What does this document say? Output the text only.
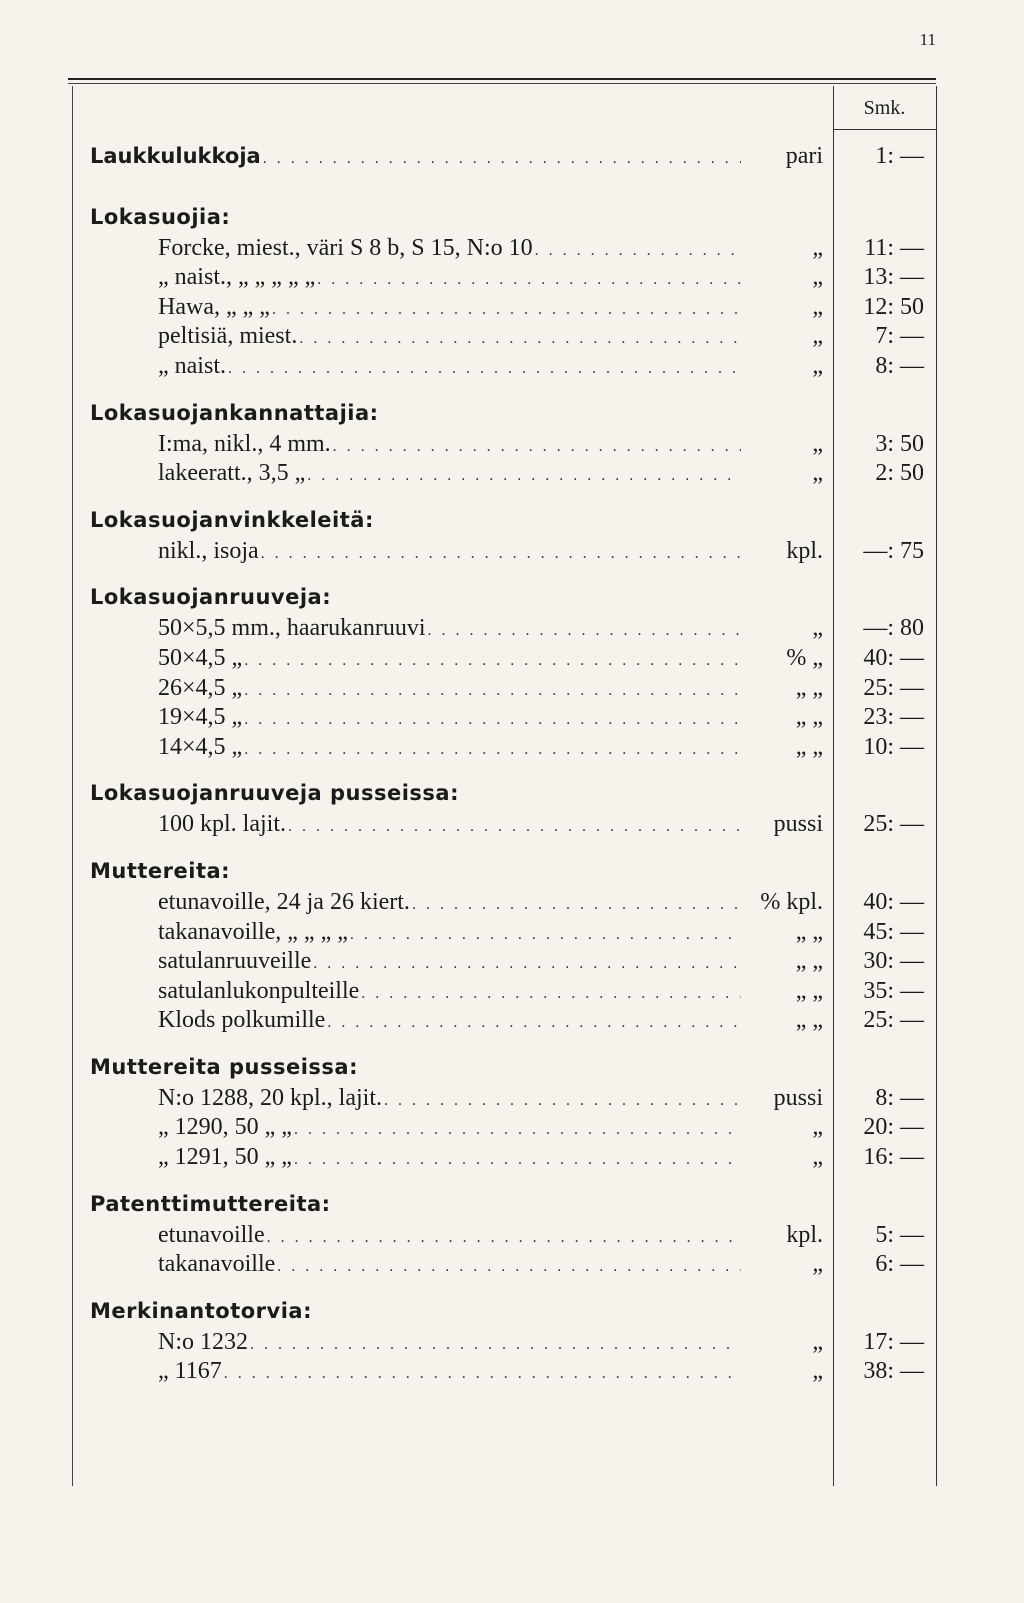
11
Smk.
Laukkulukkoja . . .	pari	1: —
Lokasuojia:
Forcke, miest., väri S 8 b, S 15, N:o 10 . . .	„	11: —
„ naist., „ „ „ „ „ . . .	„	13: —
Hawa, „ „ „ . . .	„	12: 50
peltisiä, miest. . . .	„	7: —
„ naist. . . .	„	8: —
Lokasuojankannattajia:
I:ma, nikl., 4 mm. . . .	„	3: 50
lakeeratt., 3,5 „ . . .	„	2: 50
Lokasuojanvinkkeleitä:
nikl., isoja . . .	kpl.	—: 75
Lokasuojanruuveja:
50×5,5 mm., haarukanruuvi . . .	„	—: 80
50×4,5 „ . . .	% „	40: —
26×4,5 „ . . .	„ „	25: —
19×4,5 „ . . .	„ „	23: —
14×4,5 „ . . .	„ „	10: —
Lokasuojanruuveja pusseissa:
100 kpl. lajit. . . .	pussi	25: —
Muttereita:
etunavoille, 24 ja 26 kiert. . . .	% kpl.	40: —
takanavoille, „ „ „ „ . . .	„ „	45: —
satulanruuveille . . .	„ „	30: —
satulanlukonpulteille . . .	„ „	35: —
Klods polkumille . . .	„ „	25: —
Muttereita pusseissa:
N:o 1288, 20 kpl., lajit. . . .	pussi	8: —
„ 1290, 50 „ „ . . .	„	20: —
„ 1291, 50 „ „ . . .	„	16: —
Patenttimuttereita:
etunavoille . . .	kpl.	5: —
takanavoille . . .	„	6: —
Merkinantotorvia:
N:o 1232 . . .	„	17: —
„ 1167 . . .	„	38: —
